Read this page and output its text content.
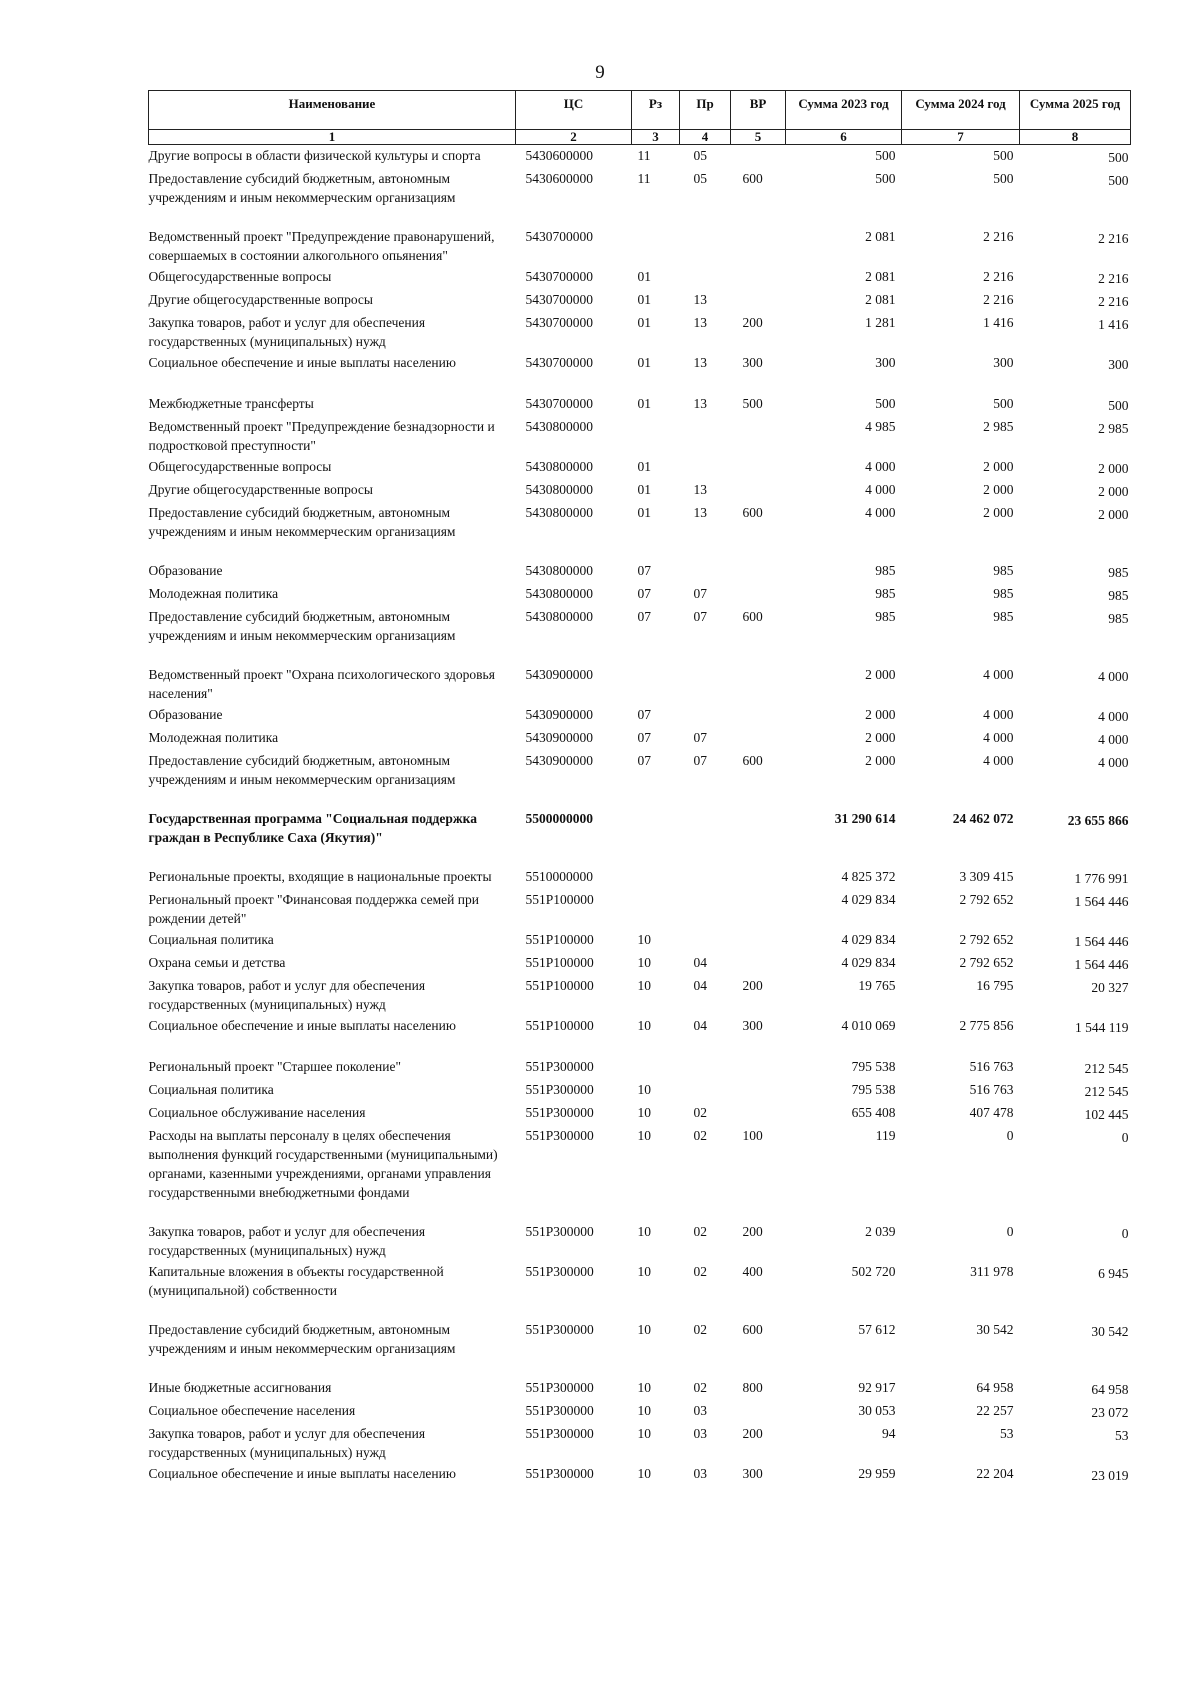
9
Наименование	ЦС	Рз	Пр	ВР	Сумма 2023 год	Сумма 2024 год	Сумма 2025 год
1	2	3	4	5	6	7	8
Другие вопросы в области физической культуры и спорта	5430600000	11	05		500	500	500
Предоставление субсидий бюджетным, автономным учреждениям и иным некоммерческим организациям	5430600000	11	05	600	500	500	500
Ведомственный проект "Предупреждение правонарушений, совершаемых в состоянии алкогольного опьянения"	5430700000				2 081	2 216	2 216
Общегосударственные вопросы	5430700000	01			2 081	2 216	2 216
Другие общегосударственные вопросы	5430700000	01	13		2 081	2 216	2 216
Закупка товаров, работ и услуг для обеспечения государственных (муниципальных) нужд	5430700000	01	13	200	1 281	1 416	1 416
Социальное обеспечение и иные выплаты населению	5430700000	01	13	300	300	300	300
Межбюджетные трансферты	5430700000	01	13	500	500	500	500
Ведомственный проект "Предупреждение безнадзорности и подростковой преступности"	5430800000				4 985	2 985	2 985
Общегосударственные вопросы	5430800000	01			4 000	2 000	2 000
Другие общегосударственные вопросы	5430800000	01	13		4 000	2 000	2 000
Предоставление субсидий бюджетным, автономным учреждениям и иным некоммерческим организациям	5430800000	01	13	600	4 000	2 000	2 000
Образование	5430800000	07			985	985	985
Молодежная политика	5430800000	07	07		985	985	985
Предоставление субсидий бюджетным, автономным учреждениям и иным некоммерческим организациям	5430800000	07	07	600	985	985	985
Ведомственный проект "Охрана психологического здоровья населения"	5430900000				2 000	4 000	4 000
Образование	5430900000	07			2 000	4 000	4 000
Молодежная политика	5430900000	07	07		2 000	4 000	4 000
Предоставление субсидий бюджетным, автономным учреждениям и иным некоммерческим организациям	5430900000	07	07	600	2 000	4 000	4 000
Государственная программа "Социальная поддержка граждан в Республике Саха (Якутия)"	5500000000				31 290 614	24 462 072	23 655 866
Региональные проекты, входящие в национальные проекты	5510000000				4 825 372	3 309 415	1 776 991
Региональный проект "Финансовая поддержка семей при рождении детей"	551P100000				4 029 834	2 792 652	1 564 446
Социальная политика	551P100000	10			4 029 834	2 792 652	1 564 446
Охрана семьи и детства	551P100000	10	04		4 029 834	2 792 652	1 564 446
Закупка товаров, работ и услуг для обеспечения государственных (муниципальных) нужд	551P100000	10	04	200	19 765	16 795	20 327
Социальное обеспечение и иные выплаты населению	551P100000	10	04	300	4 010 069	2 775 856	1 544 119
Региональный проект "Старшее поколение"	551P300000				795 538	516 763	212 545
Социальная политика	551P300000	10			795 538	516 763	212 545
Социальное обслуживание населения	551P300000	10	02		655 408	407 478	102 445
Расходы на выплаты персоналу в целях обеспечения выполнения функций государственными (муниципальными) органами, казенными учреждениями, органами управления государственными внебюджетными фондами	551P300000	10	02	100	119	0	0
Закупка товаров, работ и услуг для обеспечения государственных (муниципальных) нужд	551P300000	10	02	200	2 039	0	0
Капитальные вложения в объекты государственной (муниципальной) собственности	551P300000	10	02	400	502 720	311 978	6 945
Предоставление субсидий бюджетным, автономным учреждениям и иным некоммерческим организациям	551P300000	10	02	600	57 612	30 542	30 542
Иные бюджетные ассигнования	551P300000	10	02	800	92 917	64 958	64 958
Социальное обеспечение населения	551P300000	10	03		30 053	22 257	23 072
Закупка товаров, работ и услуг для обеспечения государственных (муниципальных) нужд	551P300000	10	03	200	94	53	53
Социальное обеспечение и иные выплаты населению	551P300000	10	03	300	29 959	22 204	23 019
